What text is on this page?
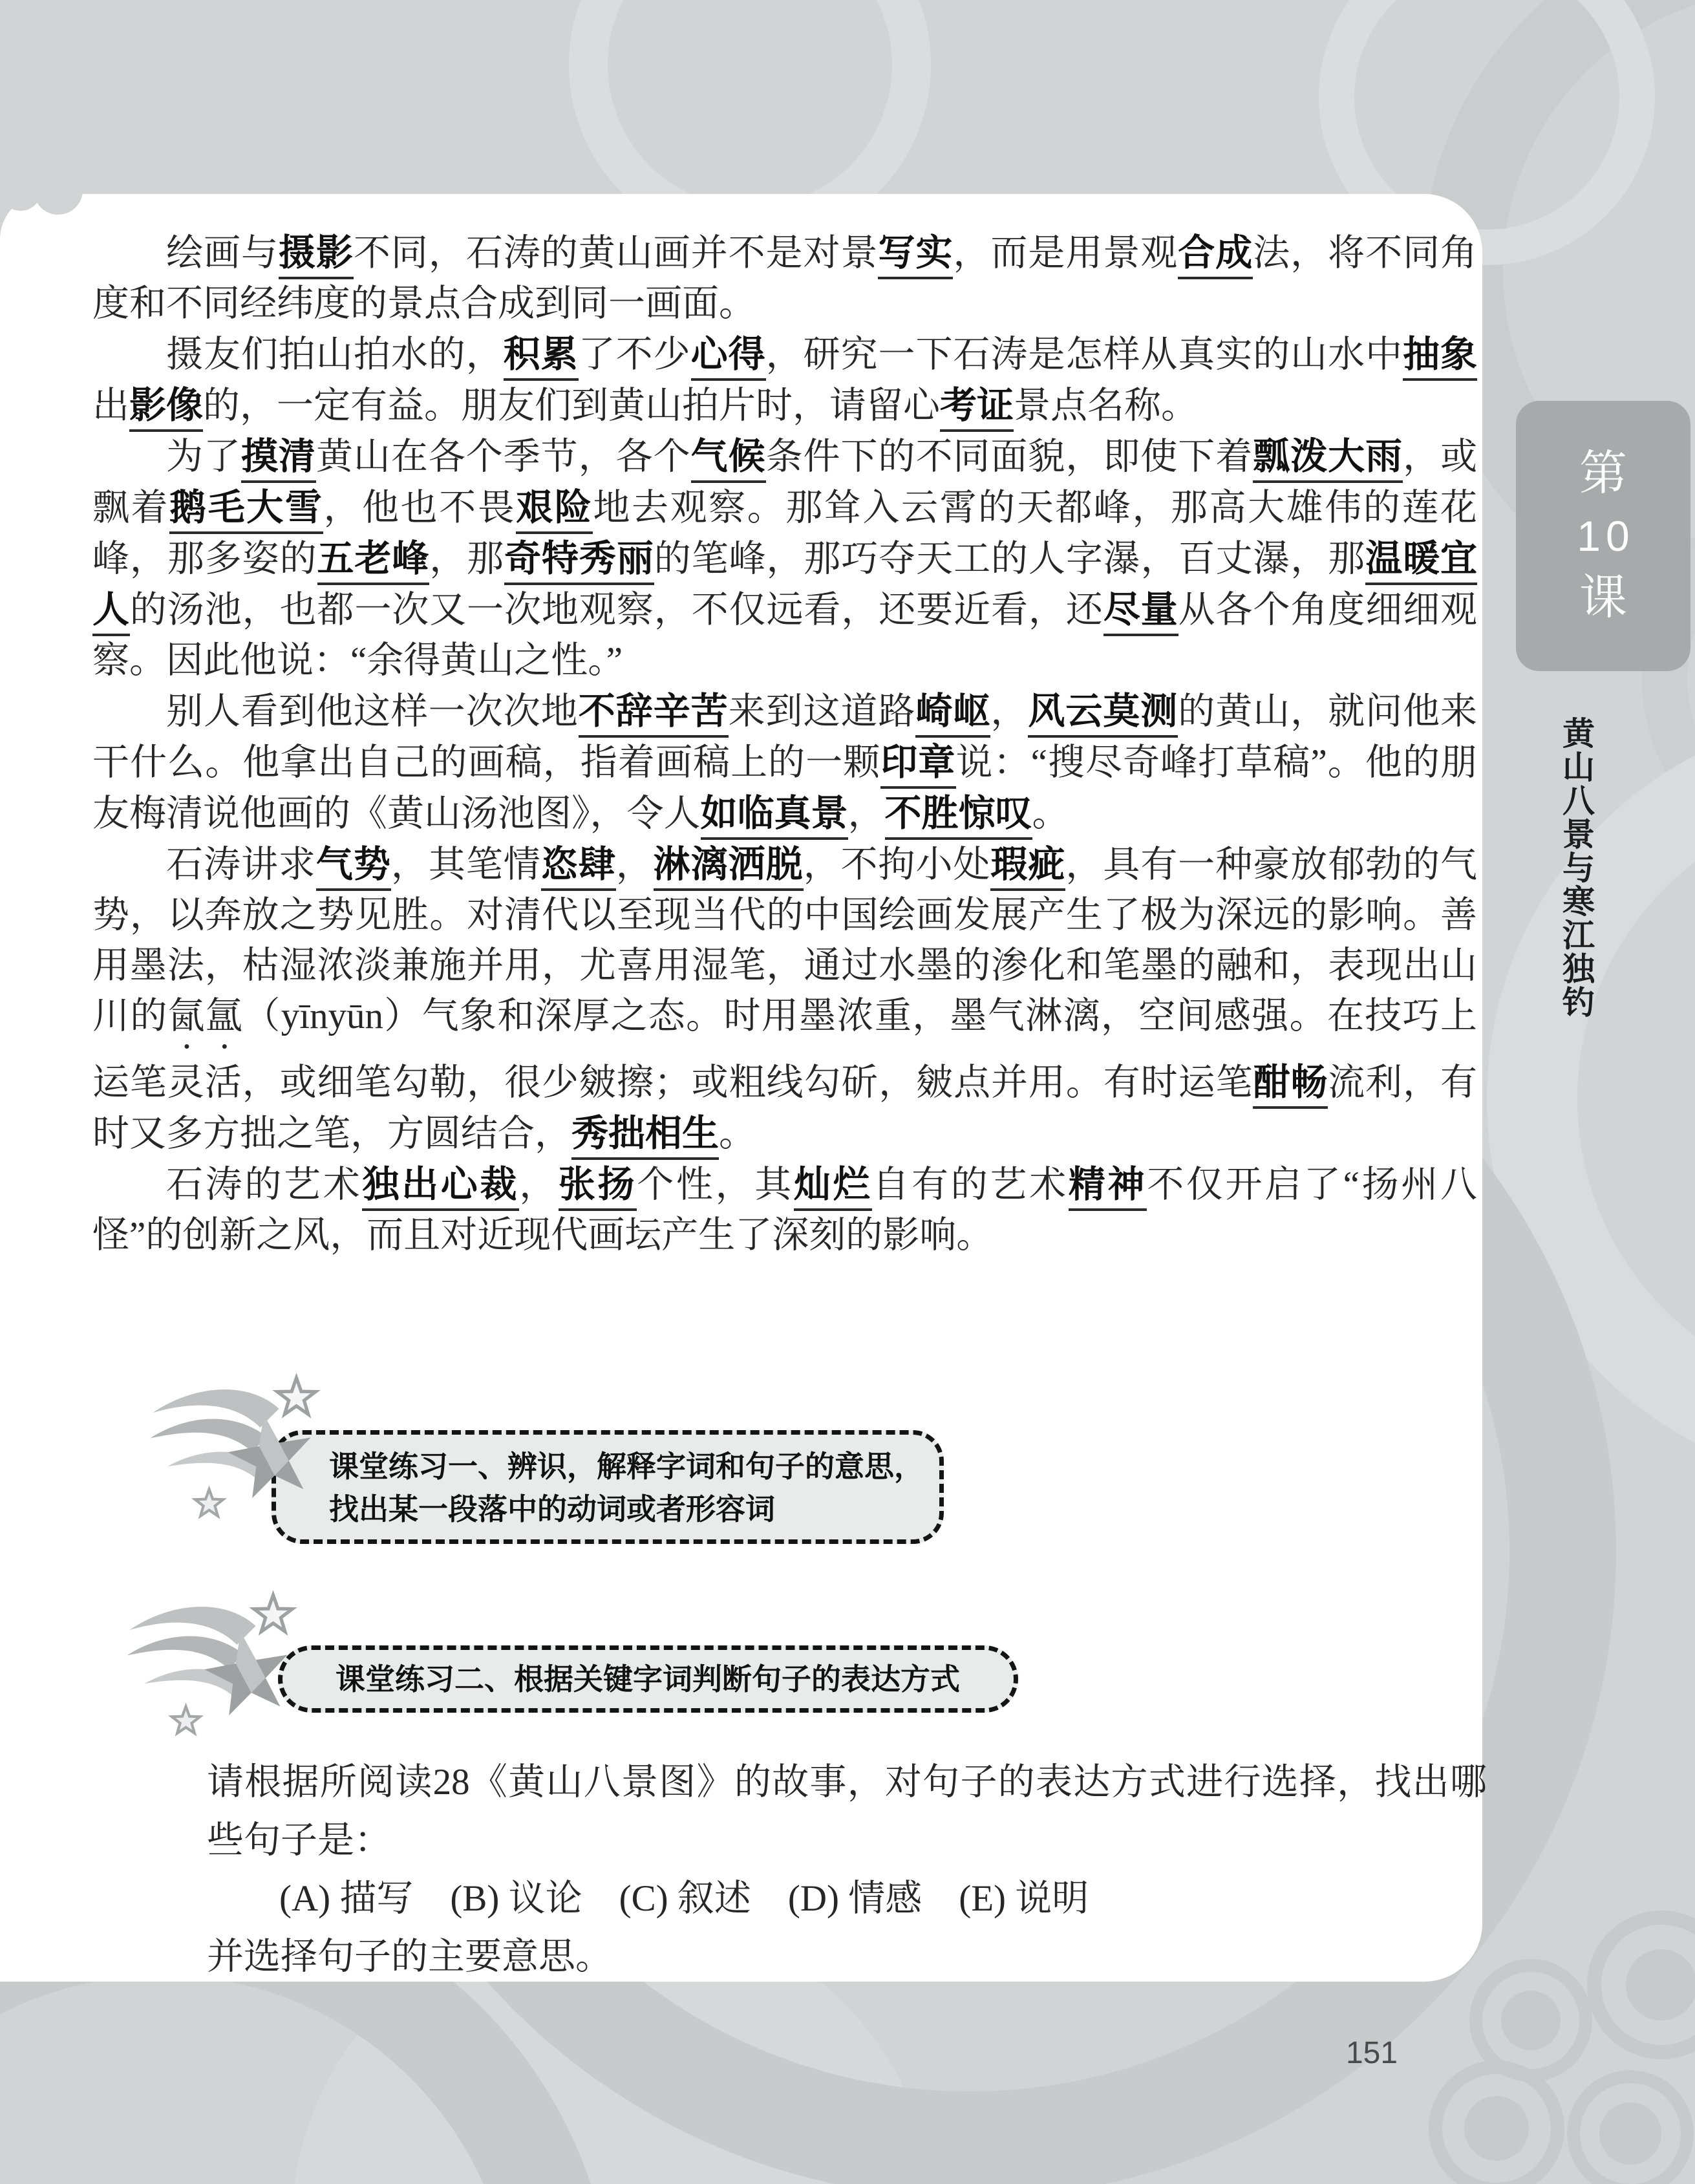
绘画与摄影不同，石涛的黄山画并不是对景写实，而是用景观合成法，将不同角度和不同经纬度的景点合成到同一画面。

摄友们拍山拍水的，积累了不少心得，研究一下石涛是怎样从真实的山水中抽象出影像的，一定有益。朋友们到黄山拍片时，请留心考证景点名称。

为了摸清黄山在各个季节，各个气候条件下的不同面貌，即使下着瓢泼大雨，或飘着鹅毛大雪，他也不畏艰险地去观察。那耸入云霄的天都峰，那高大雄伟的莲花峰，那多姿的五老峰，那奇特秀丽的笔峰，那巧夺天工的人字瀑，百丈瀑，那温暖宜人的汤池，也都一次又一次地观察，不仅远看，还要近看，还尽量从各个角度细细观察。因此他说：“余得黄山之性。”

别人看到他这样一次次地不辞辛苦来到这道路崎岖，风云莫测的黄山，就问他来干什么。他拿出自己的画稿，指着画稿上的一颗印章说：“搜尽奇峰打草稿”。他的朋友梅清说他画的《黄山汤池图》，令人如临真景，不胜惊叹。

石涛讲求气势，其笔情恣肆，淋漓洒脱，不拘小处瑕疵，具有一种豪放郁勃的气势，以奔放之势见胜。对清代以至现当代的中国绘画发展产生了极为深远的影响。善用墨法，枯湿浓淡兼施并用，尤喜用湿笔，通过水墨的渗化和笔墨的融和，表现出山川的氤氲（yīnyūn）气象和深厚之态。时用墨浓重，墨气淋漓，空间感强。在技巧上运笔灵活，或细笔勾勒，很少皴擦；或粗线勾斫，皴点并用。有时运笔酣畅流利，有时又多方拙之笔，方圆结合，秀拙相生。

石涛的艺术独出心裁，张扬个性，其灿烂自有的艺术精神不仅开启了“扬州八怪”的创新之风，而且对近现代画坛产生了深刻的影响。

课堂练习一、辨识，解释字词和句子的意思，
找出某一段落中的动词或者形容词
课堂练习二、根据关键字词判断句子的表达方式

请根据所阅读28《黄山八景图》的故事，对句子的表达方式进行选择，找出哪些句子是：

(A) 描写　(B) 议论　(C) 叙述　(D) 情感　(E) 说明

并选择句子的主要意思。

第
10
课
黄山八景与寒江独钓
151
